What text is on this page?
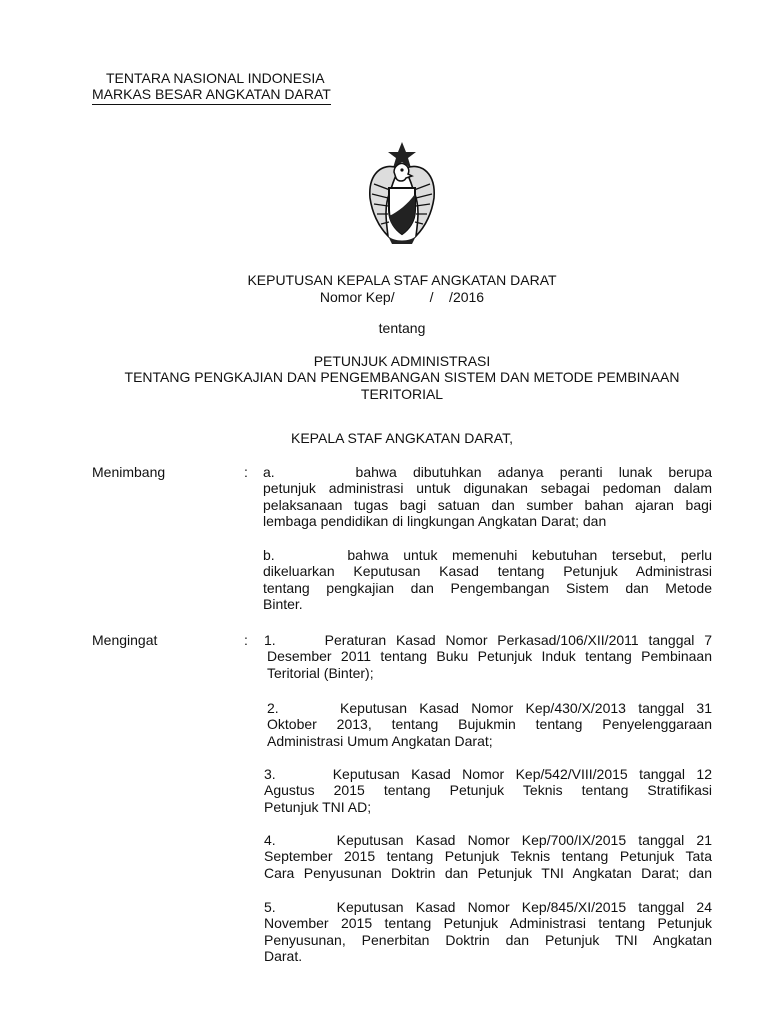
TENTARA NASIONAL INDONESIA
MARKAS BESAR ANGKATAN DARAT
KEPUTUSAN KEPALA STAF ANGKATAN DARAT
Nomor Kep/         /    /2016
tentang
PETUNJUK ADMINISTRASI
TENTANG PENGKAJIAN DAN PENGEMBANGAN SISTEM DAN METODE PEMBINAAN
TERITORIAL
KEPALA STAF ANGKATAN DARAT,
Menimbang	: a.     bahwa dibutuhkan adanya peranti lunak berupa
petunjuk administrasi untuk digunakan sebagai pedoman dalam
pelaksanaan tugas bagi satuan dan sumber bahan ajaran bagi
lembaga pendidikan di lingkungan Angkatan Darat; dan
b.     bahwa untuk memenuhi kebutuhan tersebut, perlu
dikeluarkan Keputusan Kasad tentang Petunjuk Administrasi
tentang pengkajian dan Pengembangan Sistem dan Metode
Binter.
Mengingat	: 1.     Peraturan Kasad Nomor Perkasad/106/XII/2011 tanggal 7
Desember 2011 tentang Buku Petunjuk Induk tentang Pembinaan
Teritorial (Binter);
2.     Keputusan Kasad Nomor Kep/430/X/2013 tanggal 31
Oktober 2013, tentang Bujukmin tentang Penyelenggaraan
Administrasi Umum Angkatan Darat;
3.     Keputusan Kasad Nomor Kep/542/VIII/2015 tanggal 12
Agustus 2015 tentang Petunjuk Teknis tentang Stratifikasi
Petunjuk TNI AD;
4.     Keputusan Kasad Nomor Kep/700/IX/2015 tanggal 21
September 2015 tentang Petunjuk Teknis tentang Petunjuk Tata
Cara Penyusunan Doktrin dan Petunjuk TNI Angkatan Darat; dan
5.     Keputusan Kasad Nomor Kep/845/XI/2015 tanggal 24
November 2015 tentang Petunjuk Administrasi tentang Petunjuk
Penyusunan, Penerbitan Doktrin dan Petunjuk TNI Angkatan
Darat.
